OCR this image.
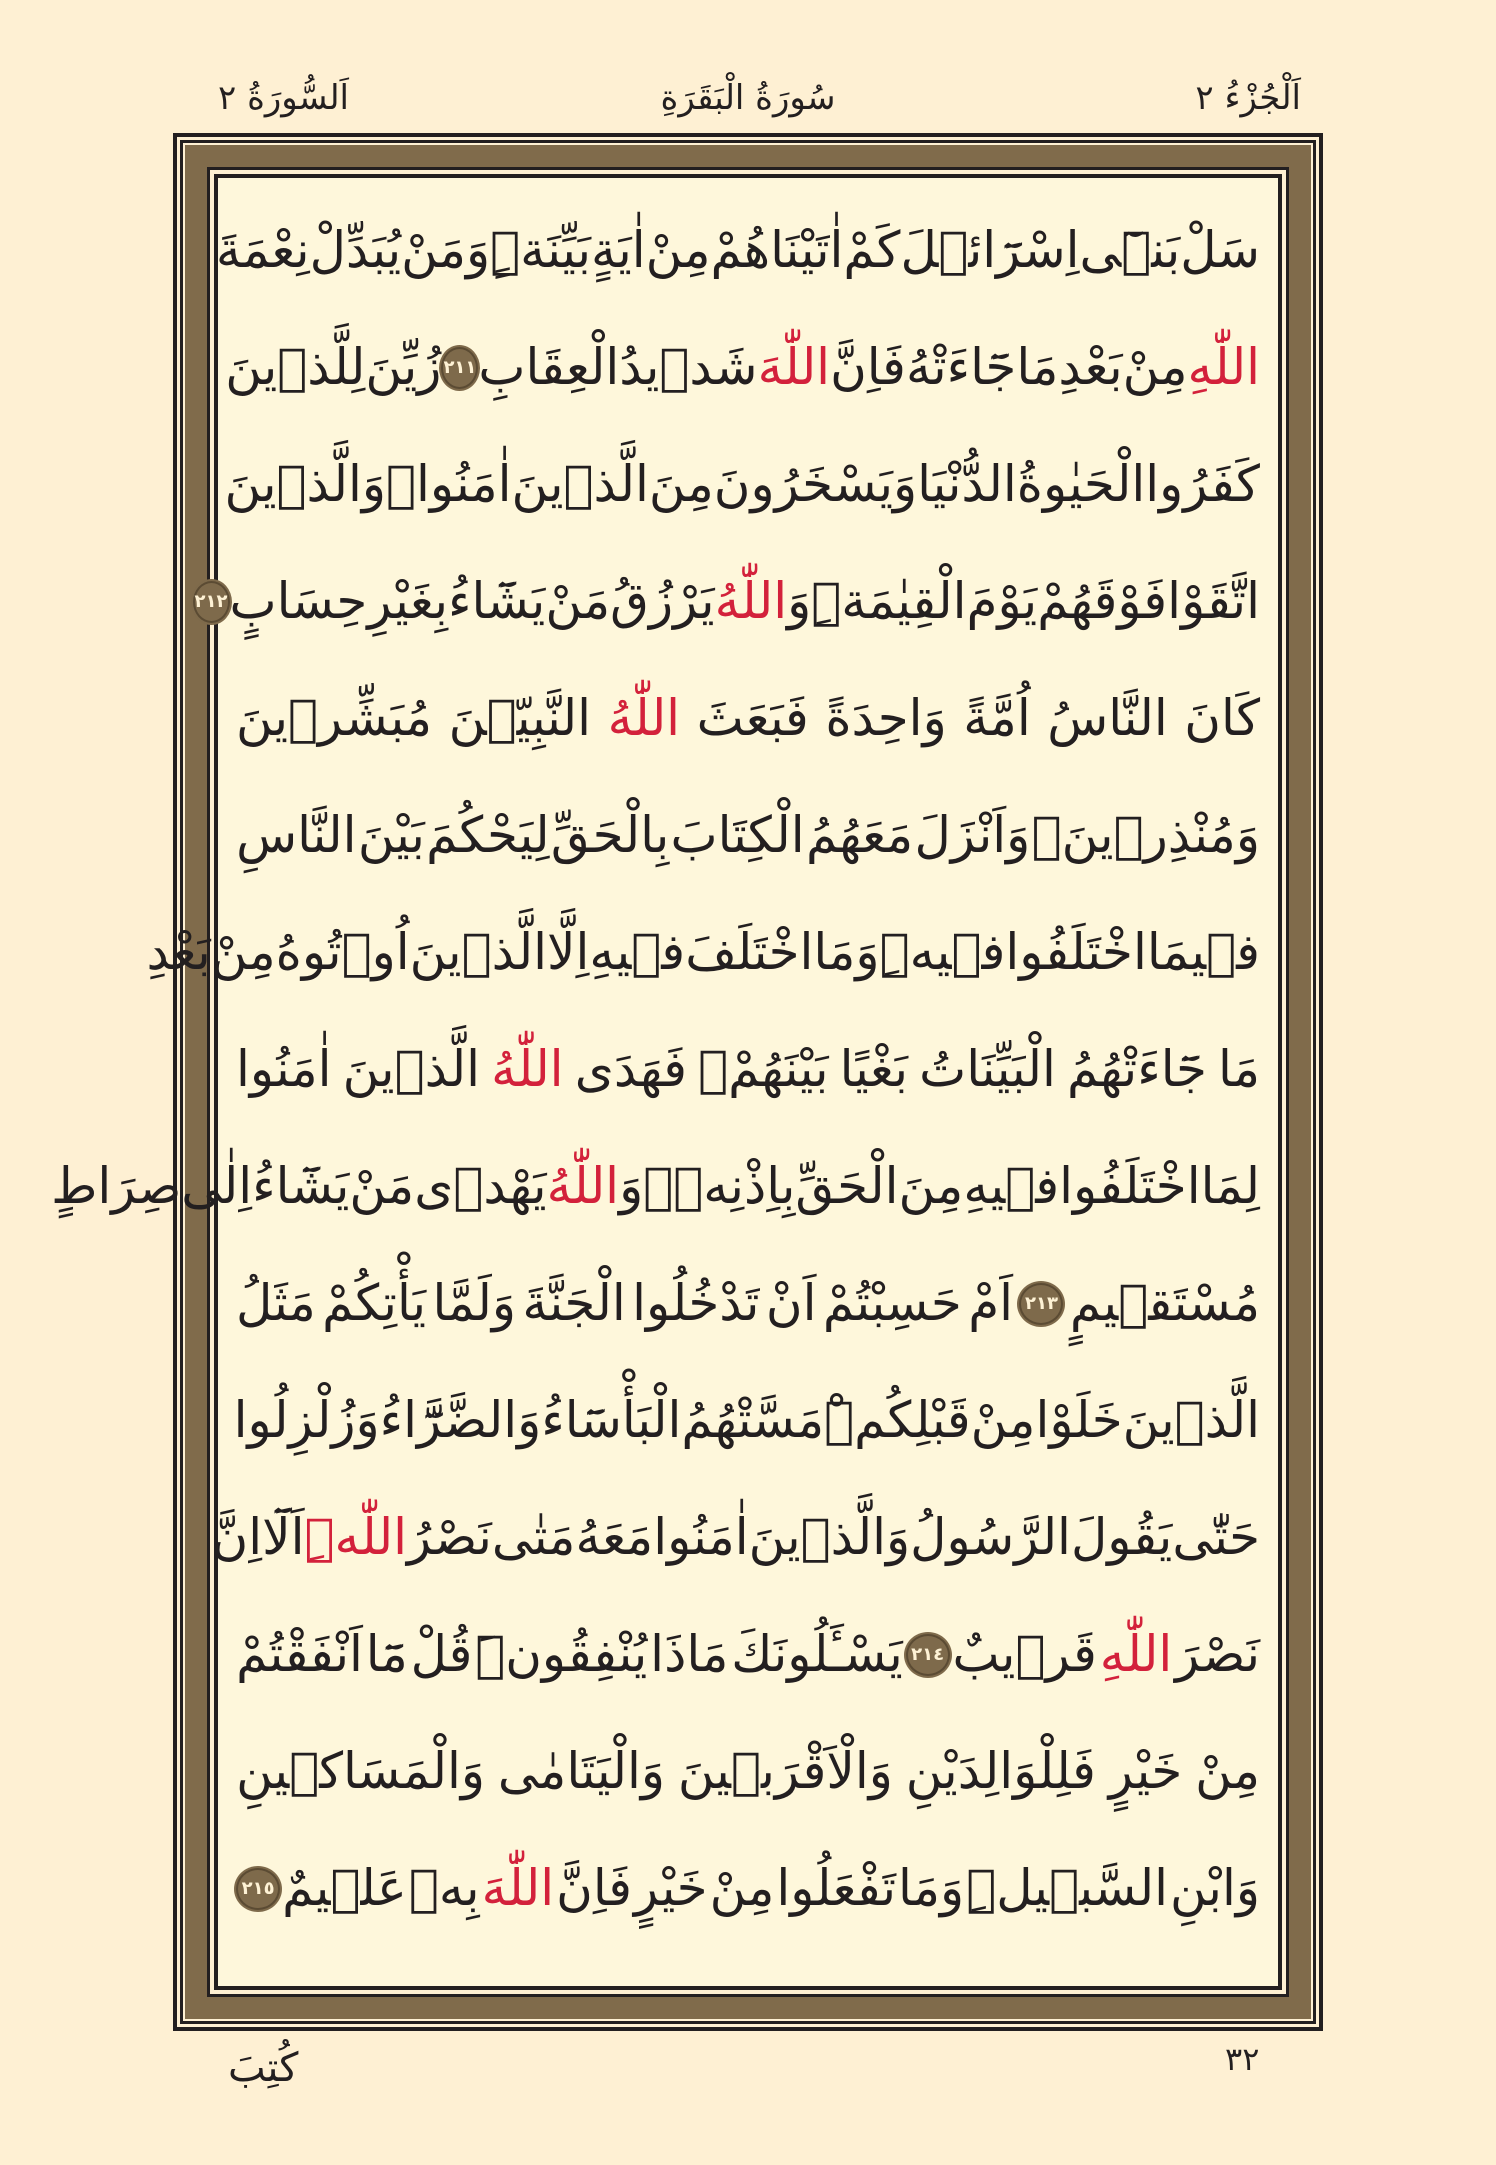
اَلْجُزْءُ ٢
سُورَةُ الْبَقَرَةِ
اَلسُّورَةُ ٢
سَلْ
بَنٖٓى
اِسْرَٓائٖلَ
كَمْ
اٰتَيْنَاهُمْ
مِنْ
اٰيَةٍ
بَيِّنَةٍۜ
وَمَنْ
يُبَدِّلْ
نِعْمَةَ
اللّٰهِ
مِنْ
بَعْدِ
مَا
جَٓاءَتْهُ
فَاِنَّ
اللّٰهَ
شَدٖيدُ
الْعِقَابِ
٢١١
زُيِّنَ
لِلَّذٖينَ
كَفَرُوا
الْحَيٰوةُ
الدُّنْيَا
وَيَسْخَرُونَ
مِنَ
الَّذٖينَ
اٰمَنُواۢ
وَالَّذٖينَ
اتَّقَوْا
فَوْقَهُمْ
يَوْمَ
الْقِيٰمَةِۜ
وَ
اللّٰهُ
يَرْزُقُ
مَنْ
يَشَٓاءُ
بِغَيْرِ
حِسَابٍ
٢١٢
كَانَ
النَّاسُ
اُمَّةً
وَاحِدَةً
فَبَعَثَ
اللّٰهُ
النَّبِيّٖنَ
مُبَشِّرٖينَ
وَمُنْذِرٖينَۖ
وَاَنْزَلَ
مَعَهُمُ
الْكِتَابَ
بِالْحَقِّ
لِيَحْكُمَ
بَيْنَ
النَّاسِ
فٖيمَا
اخْتَلَفُوا
فٖيهِۜ
وَمَا
اخْتَلَفَ
فٖيهِ
اِلَّا
الَّذٖينَ
اُو۫تُوهُ
مِنْ
بَعْدِ
مَا
جَٓاءَتْهُمُ
الْبَيِّنَاتُ
بَغْيًا
بَيْنَهُمْۚ
فَهَدَى
اللّٰهُ
الَّذٖينَ
اٰمَنُوا
لِمَا
اخْتَلَفُوا
فٖيهِ
مِنَ
الْحَقِّ
بِاِذْنِهٖۜ
وَ
اللّٰهُ
يَهْدٖى
مَنْ
يَشَٓاءُ
اِلٰى
صِرَاطٍ
مُسْتَقٖيمٍ
٢١٣
اَمْ
حَسِبْتُمْ
اَنْ
تَدْخُلُوا
الْجَنَّةَ
وَلَمَّا
يَأْتِكُمْ
مَثَلُ
الَّذٖينَ
خَلَوْا
مِنْ
قَبْلِكُمْۜ
مَسَّتْهُمُ
الْبَأْسَٓاءُ
وَالضَّرَّٓاءُ
وَزُلْزِلُوا
حَتّٰى
يَقُولَ
الرَّسُولُ
وَالَّذٖينَ
اٰمَنُوا
مَعَهُ
مَتٰى
نَصْرُ
اللّٰهِۜ
اَلَٓا
اِنَّ
نَصْرَ
اللّٰهِ
قَرٖيبٌ
٢١٤
يَسْـَٔلُونَكَ
مَاذَا
يُنْفِقُونَۜ
قُلْ
مَٓا
اَنْفَقْتُمْ
مِنْ
خَيْرٍ
فَلِلْوَالِدَيْنِ
وَالْاَقْرَبٖينَ
وَالْيَتَامٰى
وَالْمَسَاكٖينِ
وَابْنِ
السَّبٖيلِۜ
وَمَا
تَفْعَلُوا
مِنْ
خَيْرٍ
فَاِنَّ
اللّٰهَ
بِهٖ
عَلٖيمٌ
٢١٥
٣٢
كُتِبَ
